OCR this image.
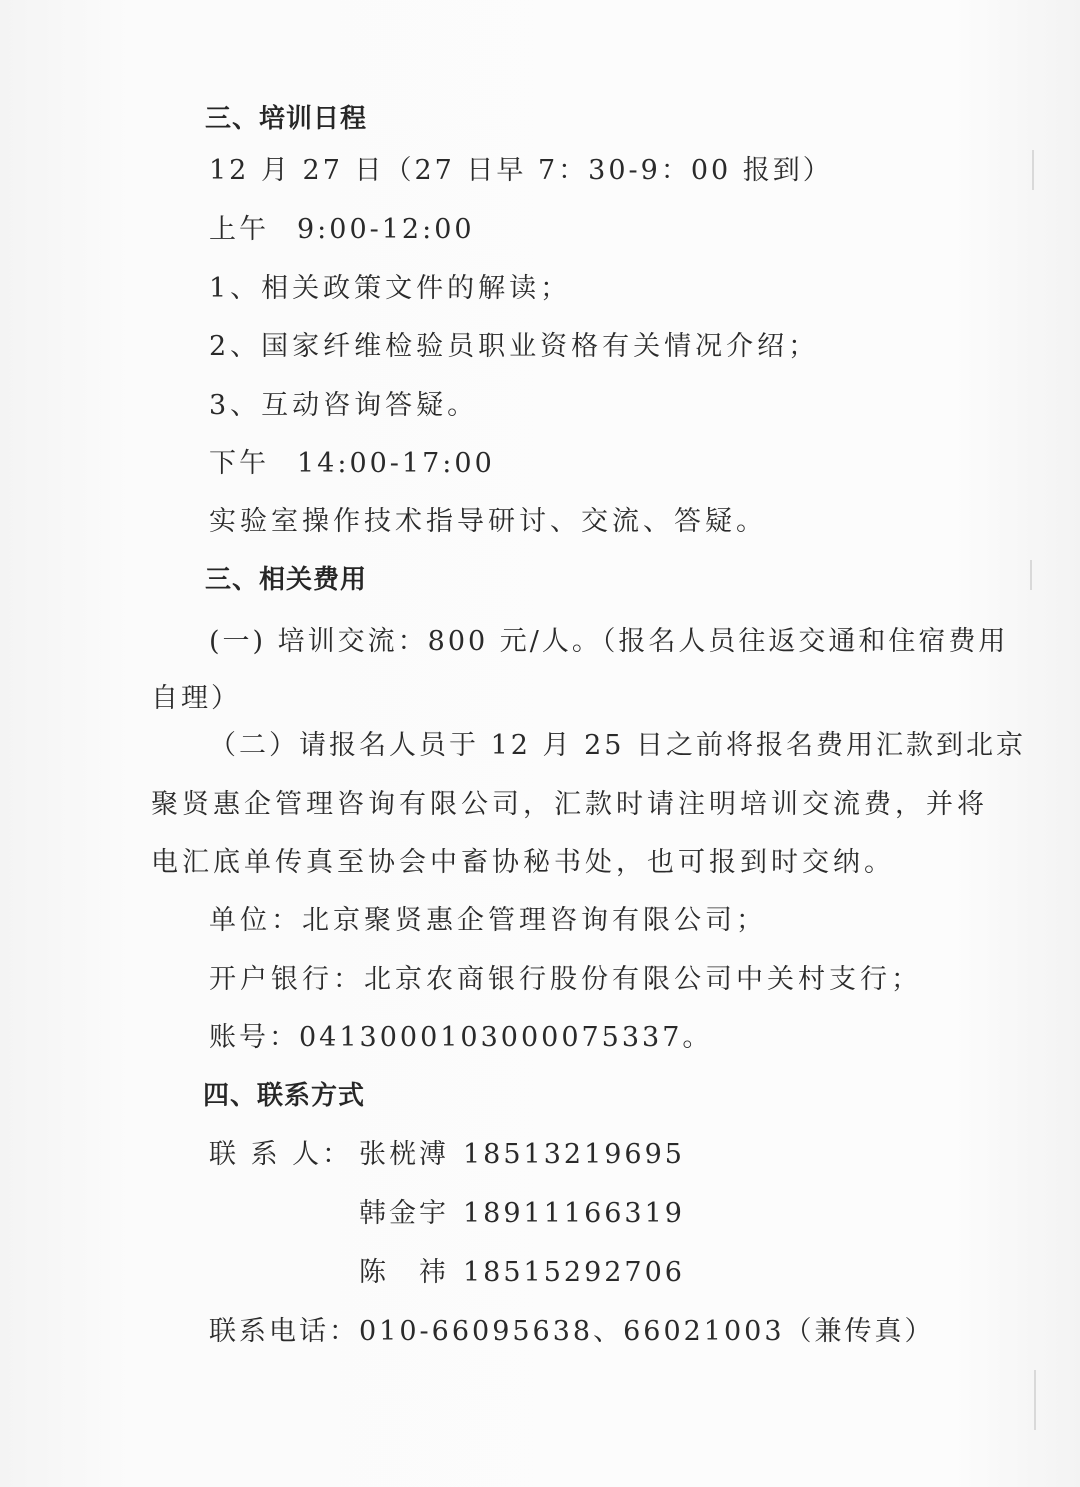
三、培训日程
12 月 27 日（27 日早 7：30-9：00 报到）
上午 9:00-12:00
1、相关政策文件的解读；
2、国家纤维检验员职业资格有关情况介绍；
3、互动咨询答疑。
下午 14:00-17:00
实验室操作技术指导研讨、交流、答疑。
三、相关费用
(一) 培训交流：800 元/人。（报名人员往返交通和住宿费用
自理）
（二）请报名人员于 12 月 25 日之前将报名费用汇款到北京
聚贤惠企管理咨询有限公司，汇款时请注明培训交流费，并将
电汇底单传真至协会中畜协秘书处，也可报到时交纳。
单位：北京聚贤惠企管理咨询有限公司；
开户银行：北京农商银行股份有限公司中关村支行；
账号：0413000103000075337。
四、联系方式
联 系 人： 张桄溥 18513219695
韩金宇 18911166319
陈　祎 18515292706
联系电话：010-66095638、66021003（兼传真）
